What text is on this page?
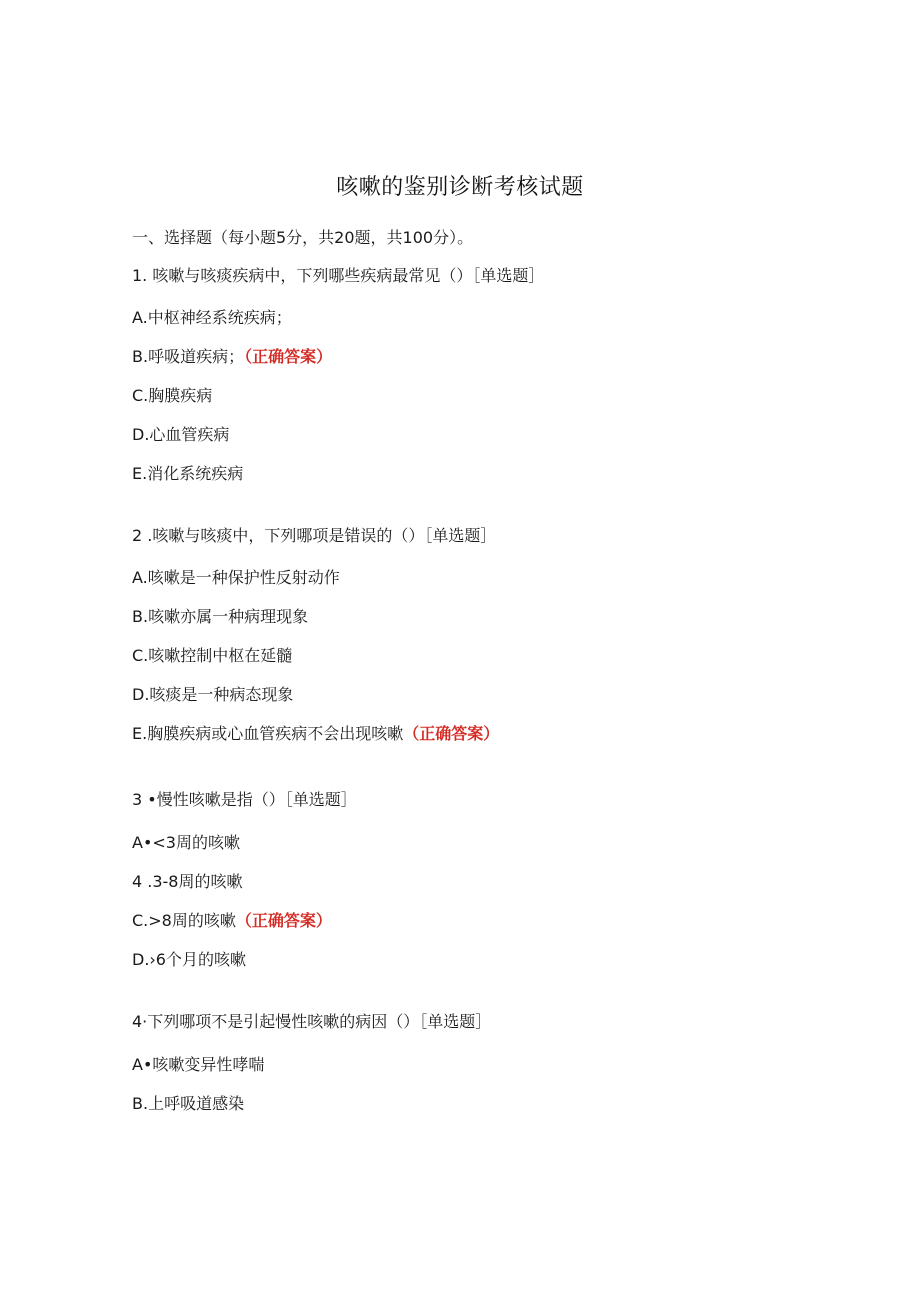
咳嗽的鉴别诊断考核试题
一、选择题（每小题5分，共20题，共100分）。
1. 咳嗽与咳痰疾病中，下列哪些疾病最常见（）［单选题］
A.中枢神经系统疾病；
B.呼吸道疾病；（正确答案）
C.胸膜疾病
D.心血管疾病
E.消化系统疾病
2 .咳嗽与咳痰中，下列哪项是错误的（）［单选题］
A.咳嗽是一种保护性反射动作
B.咳嗽亦属一种病理现象
C.咳嗽控制中枢在延髓
D.咳痰是一种病态现象
E.胸膜疾病或心血管疾病不会出现咳嗽（正确答案）
3 •慢性咳嗽是指（）［单选题］
A•<3周的咳嗽
4 .3-8周的咳嗽
C.>8周的咳嗽（正确答案）
D.›6个月的咳嗽
4·下列哪项不是引起慢性咳嗽的病因（）［单选题］
A•咳嗽变异性哮喘
B.上呼吸道感染
